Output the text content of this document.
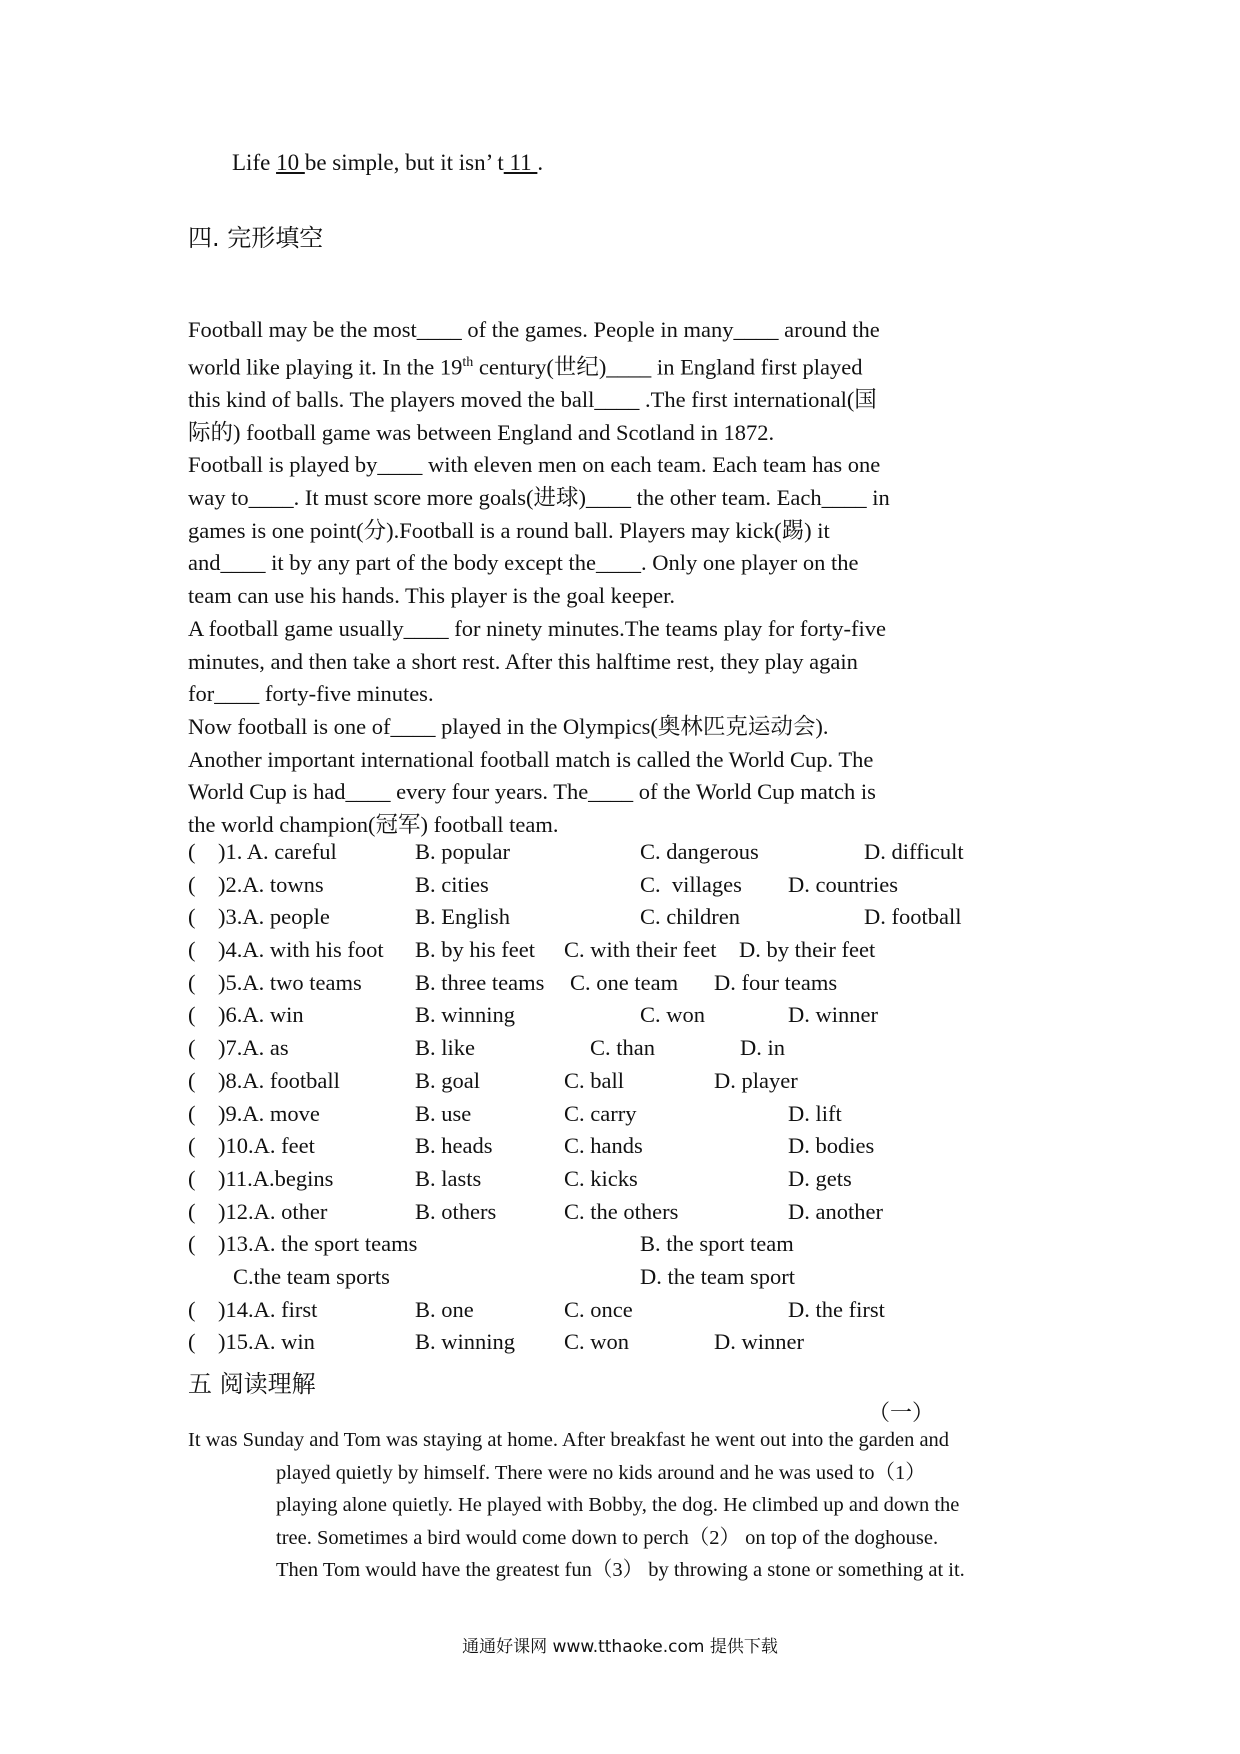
Life 10 be simple, but it isn’ t 11 .
四. 完形填空

Football may be the most____ of the games. People in many____ around the

world like playing it. In the 19th century(世纪)____ in England first played

this kind of balls. The players moved the ball____ .The first international(国

际的) football game was between England and Scotland in 1872.

Football is played by____ with eleven men on each team. Each team has one

way to____. It must score more goals(进球)____ the other team. Each____ in

games is one point(分).Football is a round ball. Players may kick(踢) it

and____ it by any part of the body except the____. Only one player on the

team can use his hands. This player is the goal keeper.

A football game usually____ for ninety minutes.The teams play for forty-five

minutes, and then take a short rest. After this halftime rest, they play again

for____ forty-five minutes.

Now football is one of____ played in the Olympics(奥林匹克运动会).

Another important international football match is called the World Cup. The

World Cup is had____ every four years. The____ of the World Cup match is

the world champion(冠军) football team.

(    )1. A. careful	B. popular	C. dangerous	D. difficult
(    )2.A. towns	B. cities	C.  villages D. countries
(    )3.A. people	B. English	C. children	D. football
(    )4.A. with his foot B. by his feet C. with their feet D. by their feet
(    )5.A. two teams B. three teams C. one team D. four teams
(    )6.A. win	B. winning	C. won	D. winner
(    )7.A. as	B. like	C. than	D. in
(    )8.A. football	B. goal	C. ball	D. player
(    )9.A. move	B. use	C. carry	D. lift
(    )10.A. feet	B. heads	C. hands	D. bodies
(    )11.A.begins	B. lasts	C. kicks	D. gets
(    )12.A. other	B. others	C. the others	D. another
(    )13.A. the sport teams	B. the sport team
C.the team sports	D. the team sport
(    )14.A. first	B. one	C. once	D. the first
(    )15.A. win	B. winning C. won	D. winner
五 阅读理解
（一）

It was Sunday and Tom was staying at home. After breakfast he went out into the garden and

played quietly by himself. There were no kids around and he was used to（1）

playing alone quietly. He played with Bobby, the dog. He climbed up and down the

tree. Sometimes a bird would come down to perch（2） on top of the doghouse.

Then Tom would have the greatest fun（3） by throwing a stone or something at it.

通通好课网 www.tthaoke.com 提供下载
